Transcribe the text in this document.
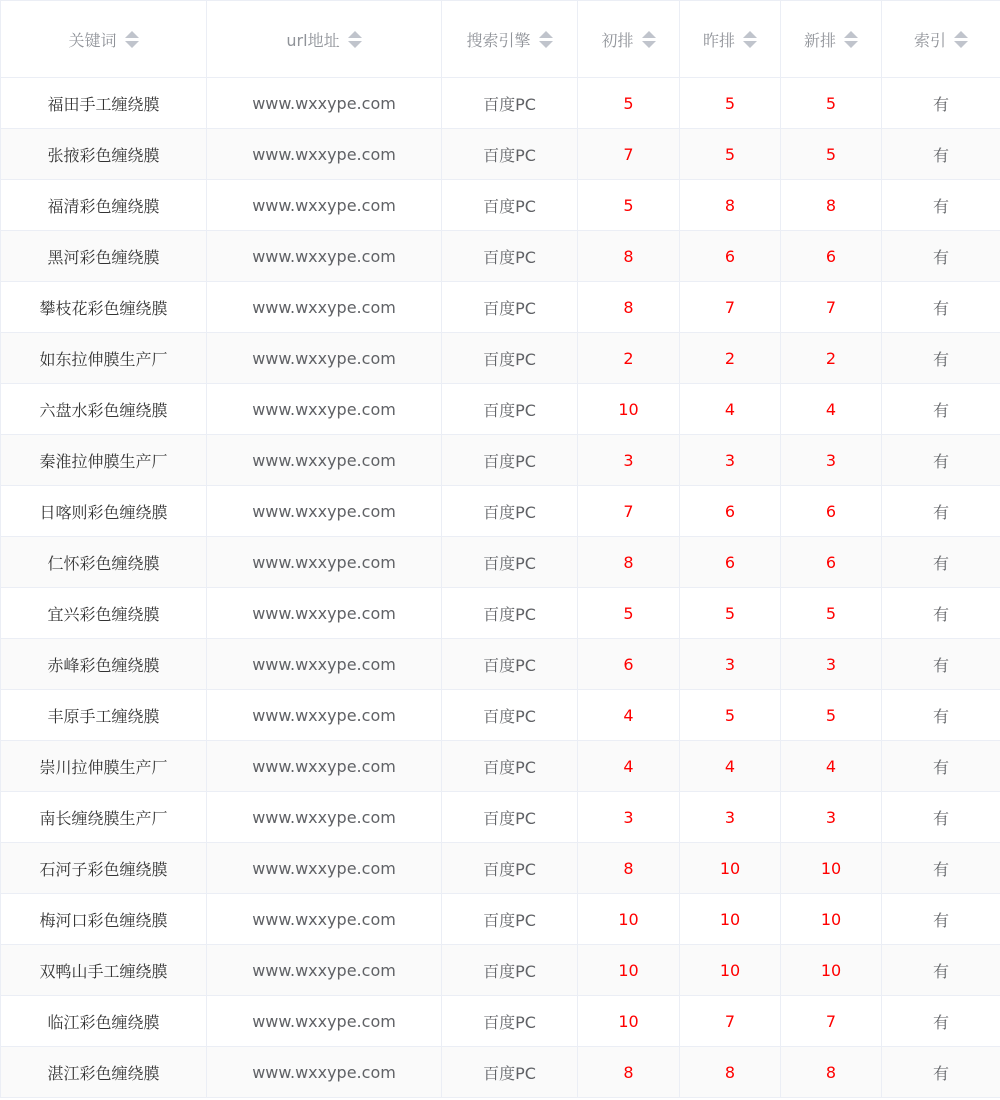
关键词	url地址	搜索引擎	初排	昨排	新排	索引

福田手工缠绕膜	www.wxxype.com	百度PC	5	5	5	有
张掖彩色缠绕膜	www.wxxype.com	百度PC	7	5	5	有
福清彩色缠绕膜	www.wxxype.com	百度PC	5	8	8	有
黑河彩色缠绕膜	www.wxxype.com	百度PC	8	6	6	有
攀枝花彩色缠绕膜	www.wxxype.com	百度PC	8	7	7	有
如东拉伸膜生产厂	www.wxxype.com	百度PC	2	2	2	有
六盘水彩色缠绕膜	www.wxxype.com	百度PC	10	4	4	有
秦淮拉伸膜生产厂	www.wxxype.com	百度PC	3	3	3	有
日喀则彩色缠绕膜	www.wxxype.com	百度PC	7	6	6	有
仁怀彩色缠绕膜	www.wxxype.com	百度PC	8	6	6	有
宜兴彩色缠绕膜	www.wxxype.com	百度PC	5	5	5	有
赤峰彩色缠绕膜	www.wxxype.com	百度PC	6	3	3	有
丰原手工缠绕膜	www.wxxype.com	百度PC	4	5	5	有
崇川拉伸膜生产厂	www.wxxype.com	百度PC	4	4	4	有
南长缠绕膜生产厂	www.wxxype.com	百度PC	3	3	3	有
石河子彩色缠绕膜	www.wxxype.com	百度PC	8	10	10	有
梅河口彩色缠绕膜	www.wxxype.com	百度PC	10	10	10	有
双鸭山手工缠绕膜	www.wxxype.com	百度PC	10	10	10	有
临江彩色缠绕膜	www.wxxype.com	百度PC	10	7	7	有
湛江彩色缠绕膜	www.wxxype.com	百度PC	8	8	8	有
